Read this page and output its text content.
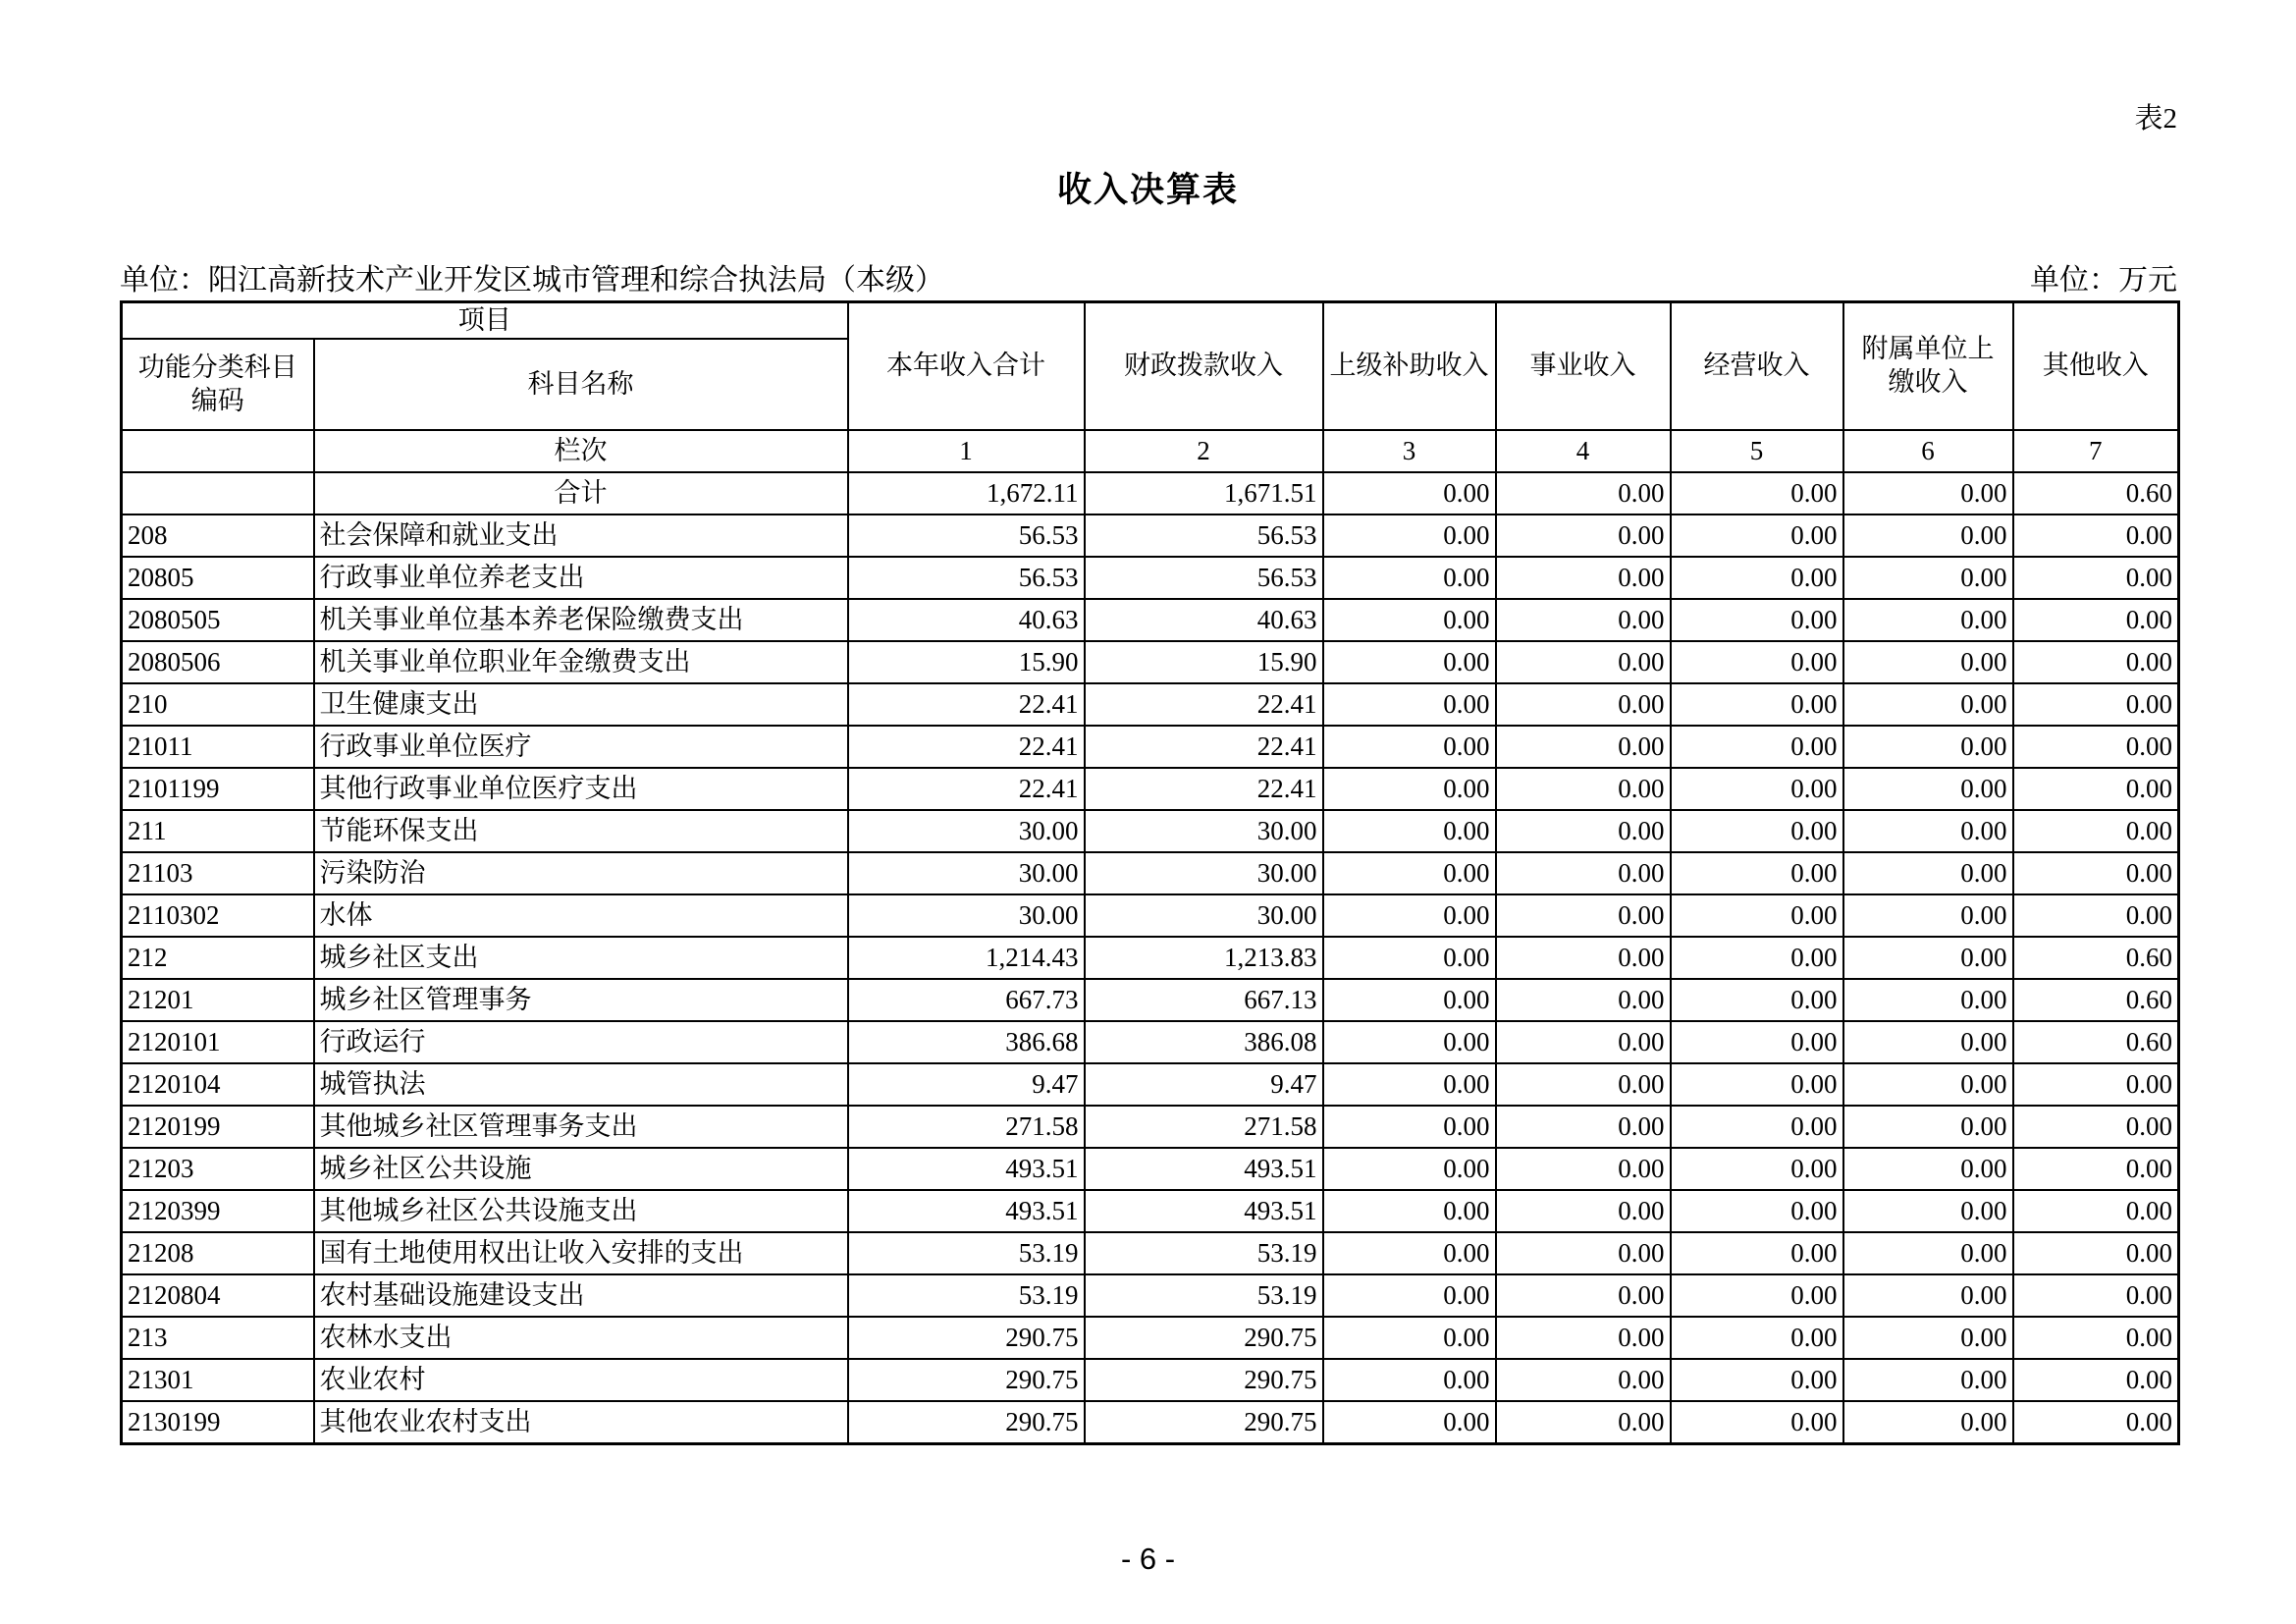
表2
收入决算表
单位：阳江高新技术产业开发区城市管理和综合执法局（本级）	单位：万元
项目		本年收入合计	财政拨款收入	上级补助收入	事业收入	经营收入	附属单位上缴收入	其他收入
功能分类科目编码	科目名称							
	栏次	1	2	3	4	5	6	7
	合计	1,672.11	1,671.51	0.00	0.00	0.00	0.00	0.60
208	社会保障和就业支出	56.53	56.53	0.00	0.00	0.00	0.00	0.00
20805	行政事业单位养老支出	56.53	56.53	0.00	0.00	0.00	0.00	0.00
2080505	机关事业单位基本养老保险缴费支出	40.63	40.63	0.00	0.00	0.00	0.00	0.00
2080506	机关事业单位职业年金缴费支出	15.90	15.90	0.00	0.00	0.00	0.00	0.00
210	卫生健康支出	22.41	22.41	0.00	0.00	0.00	0.00	0.00
21011	行政事业单位医疗	22.41	22.41	0.00	0.00	0.00	0.00	0.00
2101199	其他行政事业单位医疗支出	22.41	22.41	0.00	0.00	0.00	0.00	0.00
211	节能环保支出	30.00	30.00	0.00	0.00	0.00	0.00	0.00
21103	污染防治	30.00	30.00	0.00	0.00	0.00	0.00	0.00
2110302	水体	30.00	30.00	0.00	0.00	0.00	0.00	0.00
212	城乡社区支出	1,214.43	1,213.83	0.00	0.00	0.00	0.00	0.60
21201	城乡社区管理事务	667.73	667.13	0.00	0.00	0.00	0.00	0.60
2120101	行政运行	386.68	386.08	0.00	0.00	0.00	0.00	0.60
2120104	城管执法	9.47	9.47	0.00	0.00	0.00	0.00	0.00
2120199	其他城乡社区管理事务支出	271.58	271.58	0.00	0.00	0.00	0.00	0.00
21203	城乡社区公共设施	493.51	493.51	0.00	0.00	0.00	0.00	0.00
2120399	其他城乡社区公共设施支出	493.51	493.51	0.00	0.00	0.00	0.00	0.00
21208	国有土地使用权出让收入安排的支出	53.19	53.19	0.00	0.00	0.00	0.00	0.00
2120804	农村基础设施建设支出	53.19	53.19	0.00	0.00	0.00	0.00	0.00
213	农林水支出	290.75	290.75	0.00	0.00	0.00	0.00	0.00
21301	农业农村	290.75	290.75	0.00	0.00	0.00	0.00	0.00
2130199	其他农业农村支出	290.75	290.75	0.00	0.00	0.00	0.00	0.00
- 6 -
